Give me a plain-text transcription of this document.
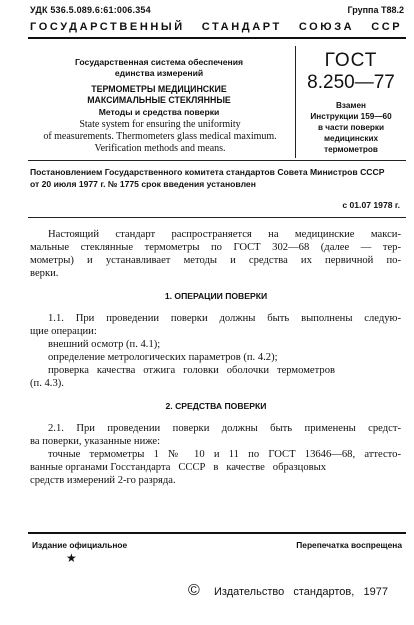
УДК 536.5.089.6:61:006.354	Группа Т88.2
ГОСУДАРСТВЕННЫЙ   СТАНДАРТ   СОЮЗА   ССР
Государственная система обеспечения
единства измерений
ТЕРМОМЕТРЫ МЕДИЦИНСКИЕ
МАКСИМАЛЬНЫЕ СТЕКЛЯННЫЕ
Методы и средства поверки
State system for ensuring the uniformity
of measurements. Thermometers glass medical maximum.
Verification methods and means.
ГОСТ
8.250—77
Взамен
Инструкции 159—60
в части поверки
медицинских
термометров
Постановлением Государственного комитета стандартов Совета Министров СССР
от 20 июля 1977 г. № 1775 срок введения установлен
с 01.07 1978 г.
Настоящий стандарт распространяется на медицинские макси-
мальные стеклянные термометры по ГОСТ 302—68 (далее — тер-
мометры) и устанавливает методы и средства их первичной по-
верки.
1. ОПЕРАЦИИ ПОВЕРКИ
1.1. При проведении поверки должны быть выполнены следую-
щие операции:
внешний осмотр (п. 4.1);
определение метрологических параметров (п. 4.2);
проверка   качества   отжига   головки   оболочки   термометров
(п. 4.3).
2. СРЕДСТВА ПОВЕРКИ
2.1. При проведении поверки должны быть применены средст-
ва поверки, указанные ниже:
точные термометры 1 № 10 и 11 по ГОСТ 13646—68, аттесто-
ванные органами Госстандарта   СССР   в   качестве   образцовых
средств измерений 2-го разряда.
Издание официальное
★
Перепечатка воспрещена
© Издательство   стандартов,   1977
